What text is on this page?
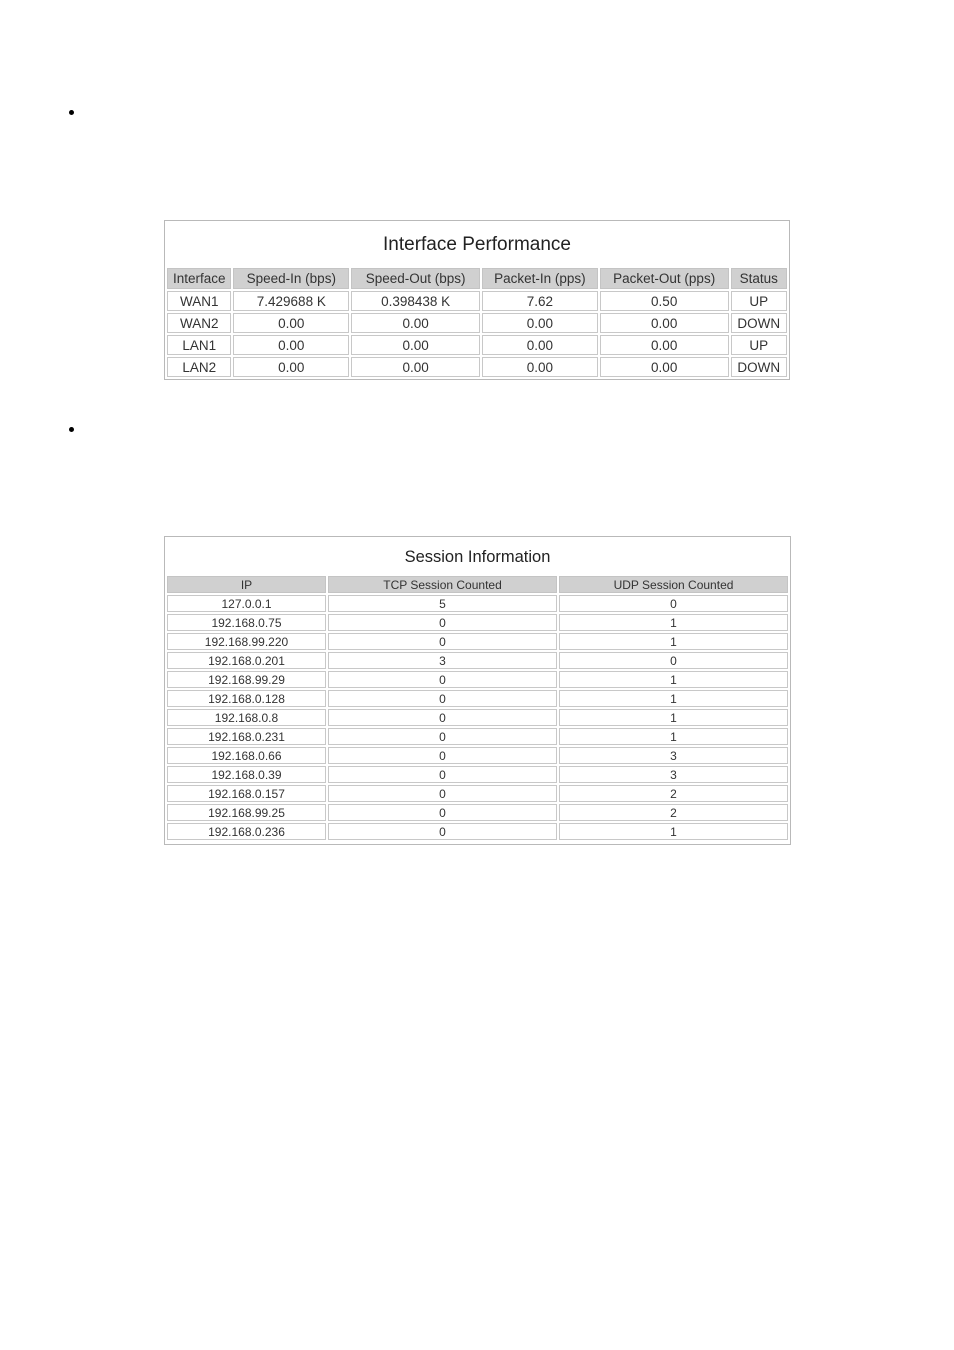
Interface Performance
Interface	Speed-In (bps)	Speed-Out (bps)	Packet-In (pps)	Packet-Out (pps)	Status
WAN1	7.429688 K	0.398438 K	7.62	0.50	UP
WAN2	0.00	0.00	0.00	0.00	DOWN
LAN1	0.00	0.00	0.00	0.00	UP
LAN2	0.00	0.00	0.00	0.00	DOWN
Session Information
IP	TCP Session Counted	UDP Session Counted
127.0.0.1	5	0
192.168.0.75	0	1
192.168.99.220	0	1
192.168.0.201	3	0
192.168.99.29	0	1
192.168.0.128	0	1
192.168.0.8	0	1
192.168.0.231	0	1
192.168.0.66	0	3
192.168.0.39	0	3
192.168.0.157	0	2
192.168.99.25	0	2
192.168.0.236	0	1
